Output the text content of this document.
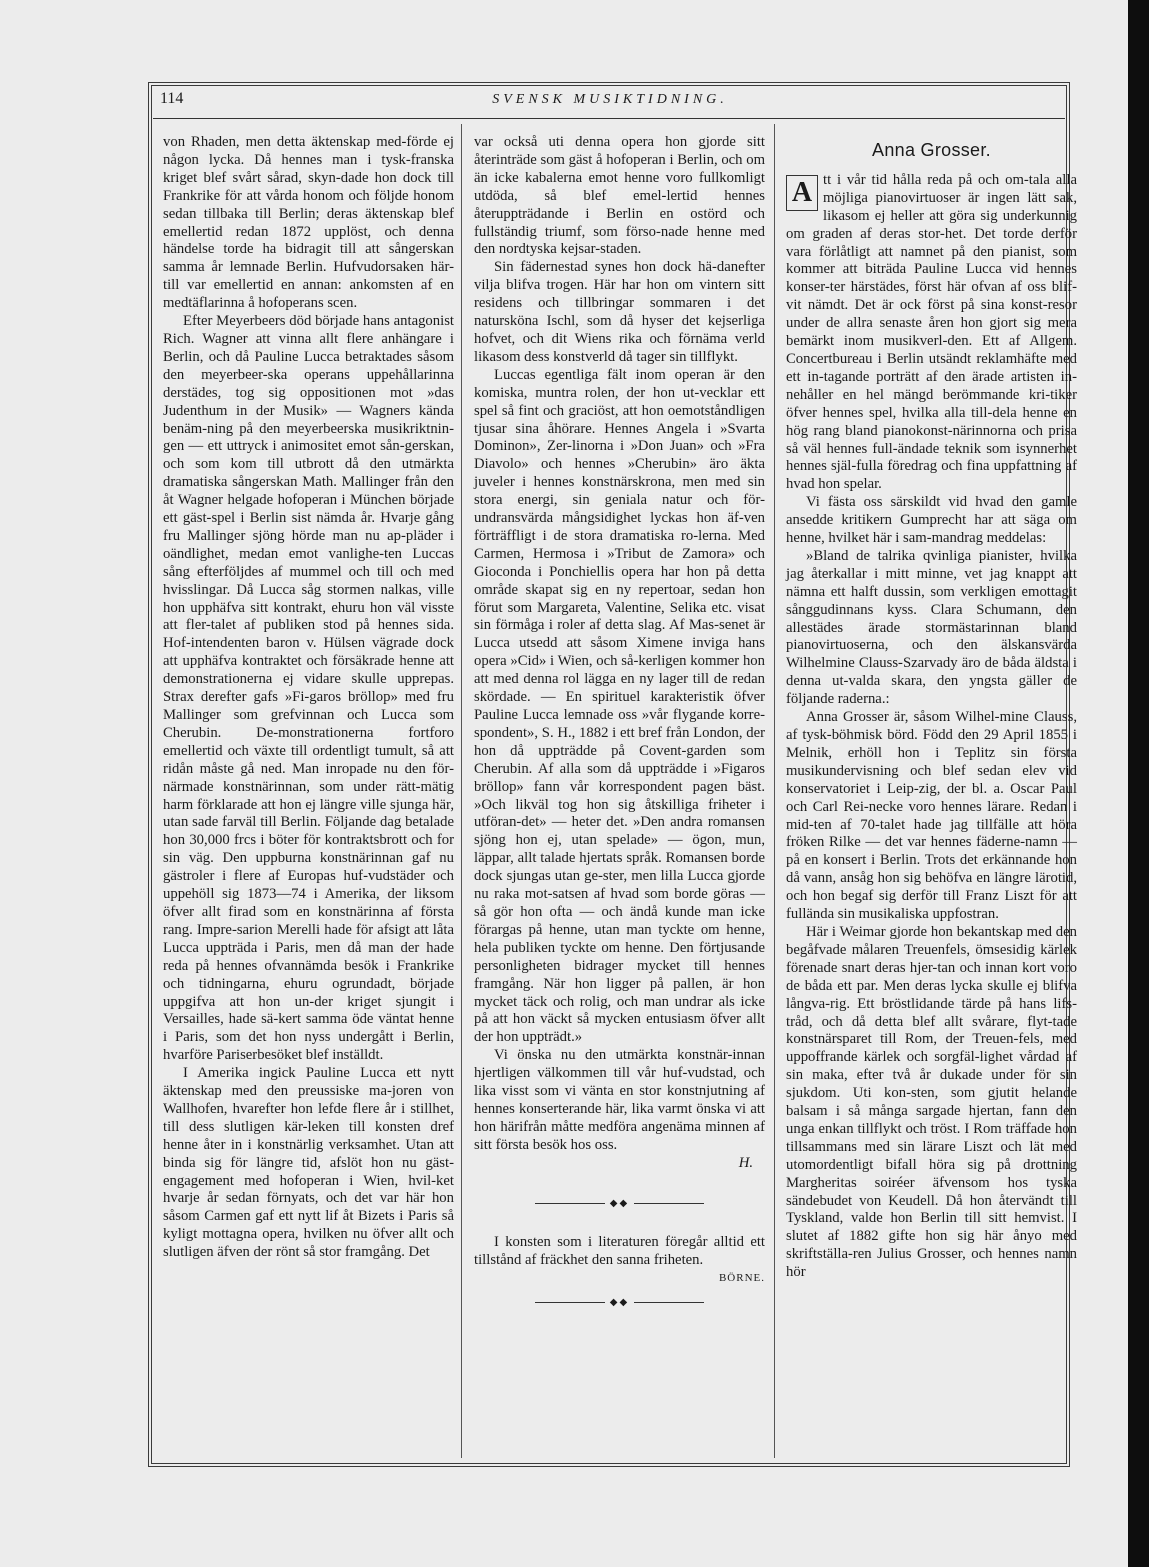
114	SVENSK MUSIKTIDNING.

von Rhaden, men detta äktenskap med-förde ej någon lycka. Då hennes man i tysk-franska kriget blef svårt sårad, skyn-dade hon dock till Frankrike för att vårda honom och följde honom sedan tillbaka till Berlin; deras äktenskap blef emellertid redan 1872 upplöst, och denna händelse torde ha bidragit till att sångerskan samma år lemnade Berlin. Hufvudorsaken här-till var emellertid en annan: ankomsten af en medtäflarinna å hofoperans scen.

Efter Meyerbeers död började hans antagonist Rich. Wagner att vinna allt flere anhängare i Berlin, och då Pauline Lucca betraktades såsom den meyerbeer-ska operans uppehållarinna derstädes, tog sig oppositionen mot »das Judenthum in der Musik» — Wagners kända benäm-ning på den meyerbeerska musikriktnin-gen — ett uttryck i animositet emot sån-gerskan, och som kom till utbrott då den utmärkta dramatiska sångerskan Math. Mallinger från den åt Wagner helgade hofoperan i München började ett gäst-spel i Berlin sist nämda år. Hvarje gång fru Mallinger sjöng hörde man nu ap-pläder i oändlighet, medan emot vanlighe-ten Luccas sång efterföljdes af mummel och till och med hvisslingar. Då Lucca såg stormen nalkas, ville hon upphäfva sitt kontrakt, ehuru hon väl visste att fler-talet af publiken stod på hennes sida. Hof-intendenten baron v. Hülsen vägrade dock att upphäfva kontraktet och försäkrade henne att demonstrationerna ej vidare skulle upprepas. Strax derefter gafs »Fi-garos bröllop» med fru Mallinger som grefvinnan och Lucca som Cherubin. De-monstrationerna fortforo emellertid och växte till ordentligt tumult, så att ridån måste gå ned. Man inropade nu den för-närmade konstnärinnan, som under rätt-mätig harm förklarade att hon ej längre ville sjunga här, utan sade farväl till Berlin. Följande dag betalade hon 30,000 frcs i böter för kontraktsbrott och for sin väg. Den uppburna konstnärinnan gaf nu gästroler i flere af Europas huf-vudstäder och uppehöll sig 1873—74 i Amerika, der liksom öfver allt firad som en konstnärinna af första rang. Impre-sarion Merelli hade för afsigt att låta Lucca uppträda i Paris, men då man der hade reda på hennes ofvannämda besök i Frankrike och tidningarna, ehuru ogrundadt, började uppgifva att hon un-der kriget sjungit i Versailles, hade sä-kert samma öde väntat henne i Paris, som det hon nyss undergått i Berlin, hvarföre Pariserbesöket blef inställdt.

I Amerika ingick Pauline Lucca ett nytt äktenskap med den preussiske ma-joren von Wallhofen, hvarefter hon lefde flere år i stillhet, till dess slutligen kär-leken till konsten dref henne åter in i konstnärlig verksamhet. Utan att binda sig för längre tid, afslöt hon nu gäst-engagement med hofoperan i Wien, hvil-ket hvarje år sedan förnyats, och det var här hon såsom Carmen gaf ett nytt lif åt Bizets i Paris så kyligt mottagna opera, hvilken nu öfver allt och slutligen äfven der rönt så stor framgång. Det

var också uti denna opera hon gjorde sitt återinträde som gäst å hofoperan i Berlin, och om än icke kabalerna emot henne voro fullkomligt utdöda, så blef emel-lertid hennes återuppträdande i Berlin en ostörd och fullständig triumf, som förso-nade henne med den nordtyska kejsar-staden.

Sin fädernestad synes hon dock hä-danefter vilja blifva trogen. Här har hon om vintern sitt residens och tillbringar sommaren i det natursköna Ischl, som då hyser det kejserliga hofvet, och dit Wiens rika och förnäma verld likasom dess konstverld då tager sin tillflykt.

Luccas egentliga fält inom operan är den komiska, muntra rolen, der hon ut-vecklar ett spel så fint och graciöst, att hon oemotståndligen tjusar sina åhörare. Hennes Angela i »Svarta Dominon», Zer-linorna i »Don Juan» och »Fra Diavolo» och hennes »Cherubin» äro äkta juveler i hennes konstnärskrona, men med sin stora energi, sin geniala natur och för-undransvärda mångsidighet lyckas hon äf-ven förträffligt i de stora dramatiska ro-lerna. Med Carmen, Hermosa i »Tribut de Zamora» och Gioconda i Ponchiellis opera har hon på detta område skapat sig en ny repertoar, sedan hon förut som Margareta, Valentine, Selika etc. visat sin förmåga i roler af detta slag. Af Mas-senet är Lucca utsedd att såsom Ximene inviga hans opera »Cid» i Wien, och så-kerligen kommer hon att med denna rol lägga en ny lager till de redan skördade. — En spirituel karakteristik öfver Pauline Lucca lemnade oss »vår flygande korre-spondent», S. H., 1882 i ett bref från London, der hon då uppträdde på Covent-garden som Cherubin. Af alla som då uppträdde i »Figaros bröllop» fann vår korrespondent pagen bäst. »Och likväl tog hon sig åtskilliga friheter i utföran-det» — heter det. »Den andra romansen sjöng hon ej, utan spelade» — ögon, mun, läppar, allt talade hjertats språk. Romansen borde dock sjungas utan ge-ster, men lilla Lucca gjorde nu raka mot-satsen af hvad som borde göras — så gör hon ofta — och ändå kunde man icke förargas på henne, utan man tyckte om henne, hela publiken tyckte om henne. Den förtjusande personligheten bidrager mycket till hennes framgång. När hon ligger på pallen, är hon mycket täck och rolig, och man undrar als icke på att hon väckt så mycken entusiasm öfver allt der hon uppträdt.»

Vi önska nu den utmärkta konstnär-innan hjertligen välkommen till vår huf-vudstad, och lika visst som vi vänta en stor konstnjutning af hennes konserterande här, lika varmt önska vi att hon härifrån måtte medföra angenäma minnen af sitt första besök hos oss.

H.
◆◆

I konsten som i literaturen föregår alltid ett tillstånd af fräckhet den sanna friheten.

BÖRNE.
◆◆
Anna Grosser.

A tt i vår tid hålla reda på och om-tala alla möjliga pianovirtuoser är ingen lätt sak, likasom ej heller att göra sig underkunnig om graden af deras stor-het. Det torde derför vara förlåtligt att namnet på den pianist, som kommer att biträda Pauline Lucca vid hennes konser-ter härstädes, först här ofvan af oss blif-vit nämdt. Det är ock först på sina konst-resor under de allra senaste åren hon gjort sig mera bemärkt inom musikverl-den. Ett af Allgem. Concertbureau i Berlin utsändt reklamhäfte med ett in-tagande porträtt af den ärade artisten in-nehåller en hel mängd berömmande kri-tiker öfver hennes spel, hvilka alla till-dela henne en hög rang bland pianokonst-närinnorna och prisa så väl hennes full-ändade teknik som isynnerhet hennes själ-fulla föredrag och fina uppfattning af hvad hon spelar.

Vi fästa oss särskildt vid hvad den gamle ansedde kritikern Gumprecht har att säga om henne, hvilket här i sam-mandrag meddelas:

»Bland de talrika qvinliga pianister, hvilka jag återkallar i mitt minne, vet jag knappt att nämna ett halft dussin, som verkligen emottagit sånggudinnans kyss. Clara Schumann, den allestädes ärade stormästarinnan bland pianovirtuoserna, och den älskansvärda Wilhelmine Clauss-Szarvady äro de båda äldsta i denna ut-valda skara, den yngsta gäller de följande raderna.:

Anna Grosser är, såsom Wilhel-mine Clauss, af tysk-böhmisk börd. Född den 29 April 1855 i Melnik, erhöll hon i Teplitz sin första musikundervisning och blef sedan elev vid konservatoriet i Leip-zig, der bl. a. Oscar Paul och Carl Rei-necke voro hennes lärare. Redan i mid-ten af 70-talet hade jag tillfälle att höra fröken Rilke — det var hennes fäderne-namn — på en konsert i Berlin. Trots det erkännande hon då vann, ansåg hon sig behöfva en längre lärotid, och hon begaf sig derför till Franz Liszt för att fullända sin musikaliska uppfostran.

Här i Weimar gjorde hon bekantskap med den begåfvade målaren Treuenfels, ömsesidig kärlek förenade snart deras hjer-tan och innan kort voro de båda ett par. Men deras lycka skulle ej blifva långva-rig. Ett bröstlidande tärde på hans lifs-tråd, och då detta blef allt svårare, flyt-tade konstnärsparet till Rom, der Treuen-fels, med uppoffrande kärlek och sorgfäl-lighet vårdad af sin maka, efter två år dukade under för sin sjukdom. Uti kon-sten, som gjutit helande balsam i så många sargade hjertan, fann den unga enkan tillflykt och tröst. I Rom träffade hon tillsammans med sin lärare Liszt och lät med utomordentligt bifall höra sig på drottning Margheritas soiréer äfvensom hos tyska sändebudet von Keudell. Då hon återvändt till Tyskland, valde hon Berlin till sitt hemvist. I slutet af 1882 gifte hon sig här ånyo med skriftställa-ren Julius Grosser, och hennes namn hör
